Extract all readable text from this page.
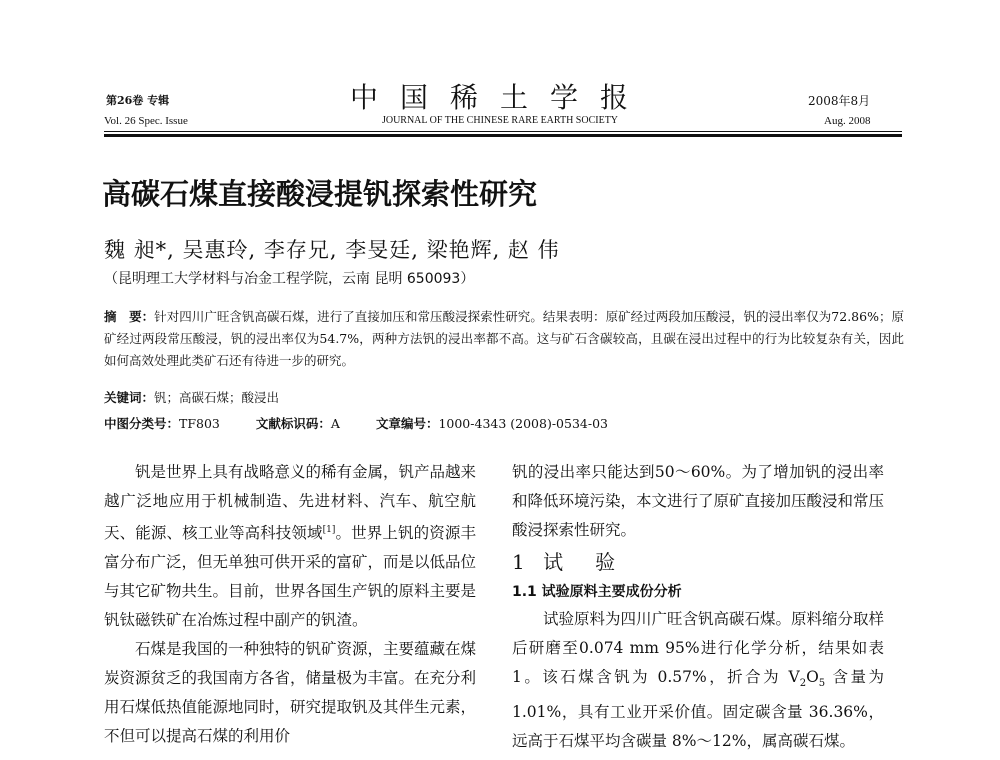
第26卷 专辑	中国稀土学报	2008年8月
Vol. 26 Spec. Issue	JOURNAL OF THE CHINESE RARE EARTH SOCIETY	Aug. 2008
高碳石煤直接酸浸提钒探索性研究
魏 昶*, 吴惠玲, 李存兄, 李旻廷, 梁艳辉, 赵 伟
（昆明理工大学材料与冶金工程学院，云南 昆明 650093）
摘　要：针对四川广旺含钒高碳石煤，进行了直接加压和常压酸浸探索性研究。结果表明：原矿经过两段加压酸浸，钒的浸出率仅为72.86%；原矿经过两段常压酸浸，钒的浸出率仅为54.7%，两种方法钒的浸出率都不高。这与矿石含碳较高，且碳在浸出过程中的行为比较复杂有关，因此如何高效处理此类矿石还有待进一步的研究。
关键词：钒；高碳石煤；酸浸出
中图分类号：TF803	文献标识码：A	文章编号：1000-4343 (2008)-0534-03

钒是世界上具有战略意义的稀有金属，钒产品越来越广泛地应用于机械制造、先进材料、汽车、航空航天、能源、核工业等高科技领域[1]。世界上钒的资源丰富分布广泛，但无单独可供开采的富矿，而是以低品位与其它矿物共生。目前，世界各国生产钒的原料主要是钒钛磁铁矿在冶炼过程中副产的钒渣。

石煤是我国的一种独特的钒矿资源，主要蕴藏在煤炭资源贫乏的我国南方各省，储量极为丰富。在充分利用石煤低热值能源地同时，研究提取钒及其伴生元素，不但可以提高石煤的利用价

钒的浸出率只能达到50～60%。为了增加钒的浸出率和降低环境污染，本文进行了原矿直接加压酸浸和常压酸浸探索性研究。

1 试　验

1.1 试验原料主要成份分析

试验原料为四川广旺含钒高碳石煤。原料缩分取样后研磨至0.074 mm 95%进行化学分析，结果如表 1。该石煤含钒为 0.57%，折合为 $V_2O_5$ 含量为 1.01%，具有工业开采价值。固定碳含量 36.36%，远高于石煤平均含碳量 8%～12%，属高碳石煤。
